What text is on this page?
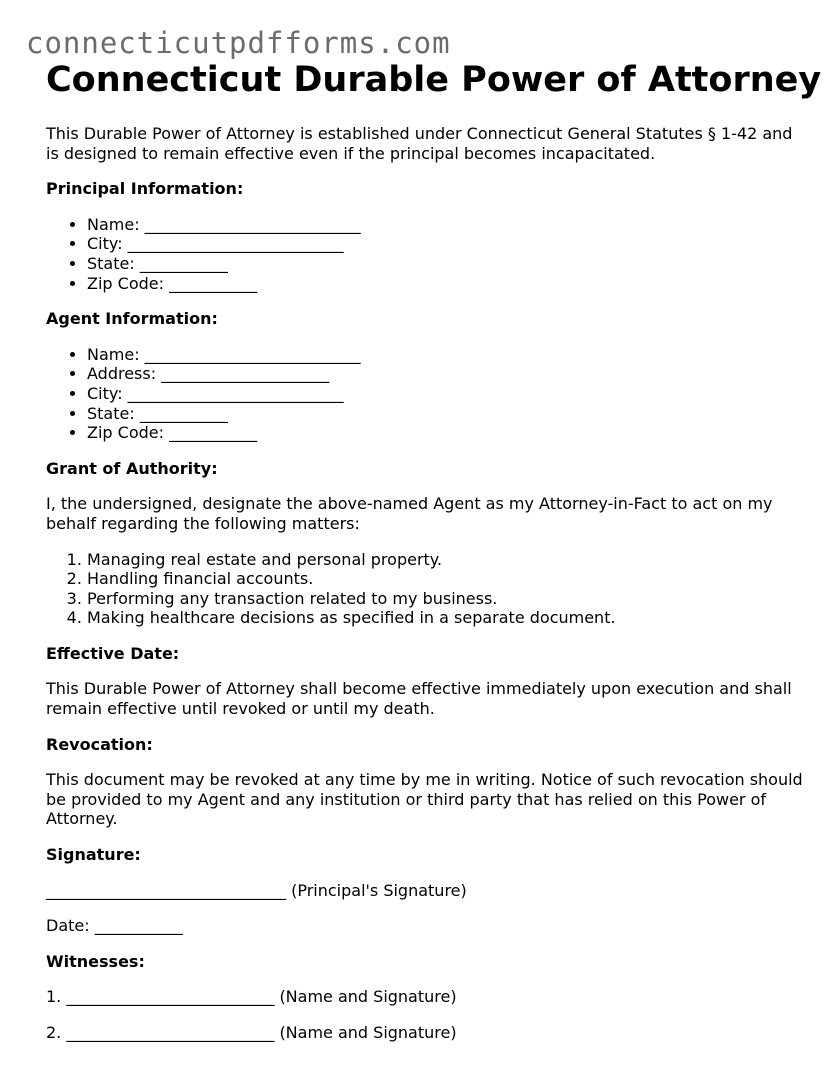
connecticutpdfforms.com
Connecticut Durable Power of Attorney

This Durable Power of Attorney is established under Connecticut General Statutes § 1-42 and is designed to remain effective even if the principal becomes incapacitated.

Principal Information:
• Name: ___________________________
• City: ___________________________
• State: ___________
• Zip Code: ___________
Agent Information:
• Name: ___________________________
• Address: _____________________
• City: ___________________________
• State: ___________
• Zip Code: ___________
Grant of Authority:

I, the undersigned, designate the above-named Agent as my Attorney-in-Fact to act on my behalf regarding the following matters:

1. Managing real estate and personal property.
2. Handling financial accounts.
3. Performing any transaction related to my business.
4. Making healthcare decisions as specified in a separate document.
Effective Date:

This Durable Power of Attorney shall become effective immediately upon execution and shall remain effective until revoked or until my death.

Revocation:

This document may be revoked at any time by me in writing. Notice of such revocation should be provided to my Agent and any institution or third party that has relied on this Power of Attorney.

Signature:

______________________________ (Principal's Signature)

Date: ___________

Witnesses:

1. __________________________ (Name and Signature)

2. __________________________ (Name and Signature)
